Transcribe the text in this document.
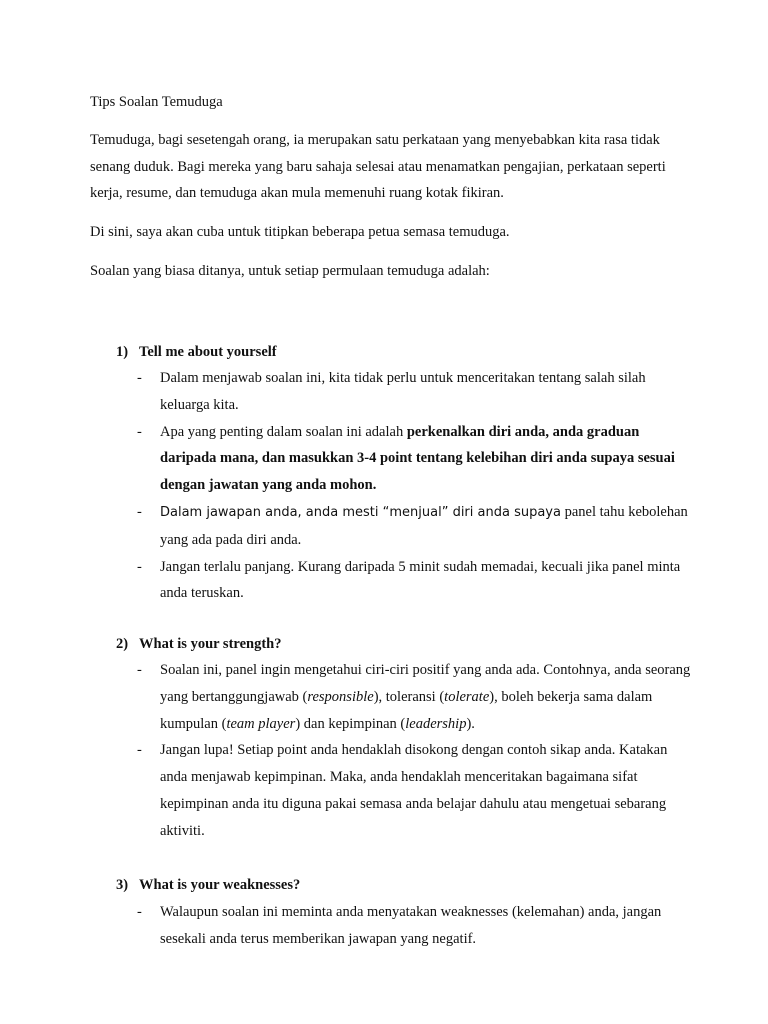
Tips Soalan Temuduga

Temuduga, bagi sesetengah orang, ia merupakan satu perkataan yang menyebabkan kita rasa tidak senang duduk. Bagi mereka yang baru sahaja selesai atau menamatkan pengajian, perkataan seperti kerja, resume, dan temuduga akan mula memenuhi ruang kotak fikiran.

Di sini, saya akan cuba untuk titipkan beberapa petua semasa temuduga.

Soalan yang biasa ditanya, untuk setiap permulaan temuduga adalah:

1) Tell me about yourself
- Dalam menjawab soalan ini, kita tidak perlu untuk menceritakan tentang salah silah keluarga kita.
- Apa yang penting dalam soalan ini adalah perkenalkan diri anda, anda graduan daripada mana, dan masukkan 3-4 point tentang kelebihan diri anda supaya sesuai dengan jawatan yang anda mohon.
- Dalam jawapan anda, anda mesti “menjual” diri anda supaya panel tahu kebolehan yang ada pada diri anda.
- Jangan terlalu panjang. Kurang daripada 5 minit sudah memadai, kecuali jika panel minta anda teruskan.
2) What is your strength?
- Soalan ini, panel ingin mengetahui ciri-ciri positif yang anda ada. Contohnya, anda seorang yang bertanggungjawab (responsible), toleransi (tolerate), boleh bekerja sama dalam kumpulan (team player) dan kepimpinan (leadership).
- Jangan lupa! Setiap point anda hendaklah disokong dengan contoh sikap anda. Katakan anda menjawab kepimpinan. Maka, anda hendaklah menceritakan bagaimana sifat kepimpinan anda itu diguna pakai semasa anda belajar dahulu atau mengetuai sebarang aktiviti.
3) What is your weaknesses?
- Walaupun soalan ini meminta anda menyatakan weaknesses (kelemahan) anda, jangan sesekali anda terus memberikan jawapan yang negatif.
